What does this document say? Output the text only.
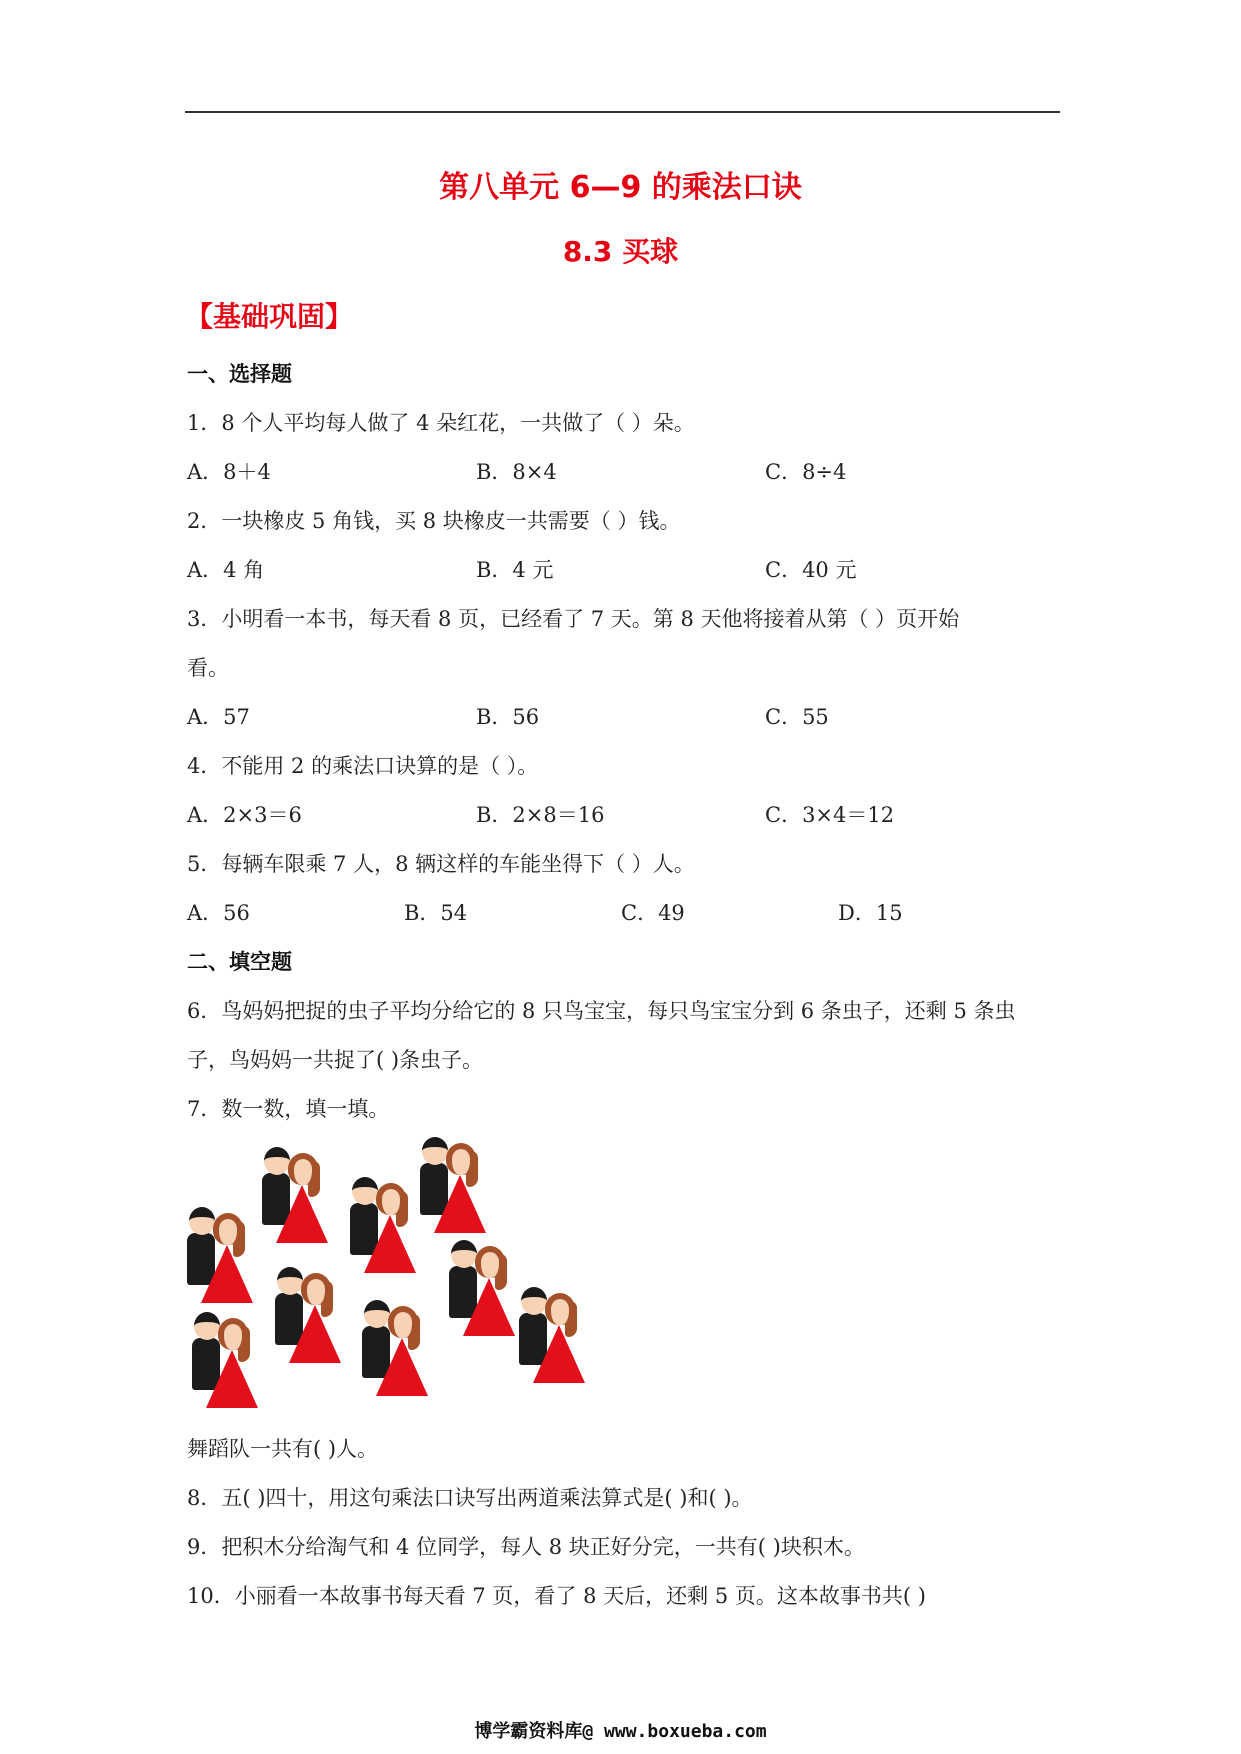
第八单元 6—9 的乘法口诀
8.3 买球
【基础巩固】
一、选择题
1．8 个人平均每人做了 4 朵红花，一共做了（ ）朵。
A．8＋4	B．8×4	C．8÷4
2．一块橡皮 5 角钱，买 8 块橡皮一共需要（ ）钱。
A．4 角	B．4 元	C．40 元
3．小明看一本书，每天看 8 页，已经看了 7 天。第 8 天他将接着从第（ ）页开始
看。
A．57	B．56	C．55
4．不能用 2 的乘法口诀算的是（ ）。
A．2×3＝6	B．2×8＝16	C．3×4＝12
5．每辆车限乘 7 人，8 辆这样的车能坐得下（ ）人。
A．56	B．54	C．49	D．15
二、填空题
6．鸟妈妈把捉的虫子平均分给它的 8 只鸟宝宝，每只鸟宝宝分到 6 条虫子，还剩 5 条虫
子，鸟妈妈一共捉了( )条虫子。
7．数一数，填一填。
舞蹈队一共有( )人。
8．五( )四十，用这句乘法口诀写出两道乘法算式是( )和( )。
9．把积木分给淘气和 4 位同学，每人 8 块正好分完，一共有( )块积木。
10．小丽看一本故事书每天看 7 页，看了 8 天后，还剩 5 页。这本故事书共( )
博学霸资料库@ www.boxueba.com
